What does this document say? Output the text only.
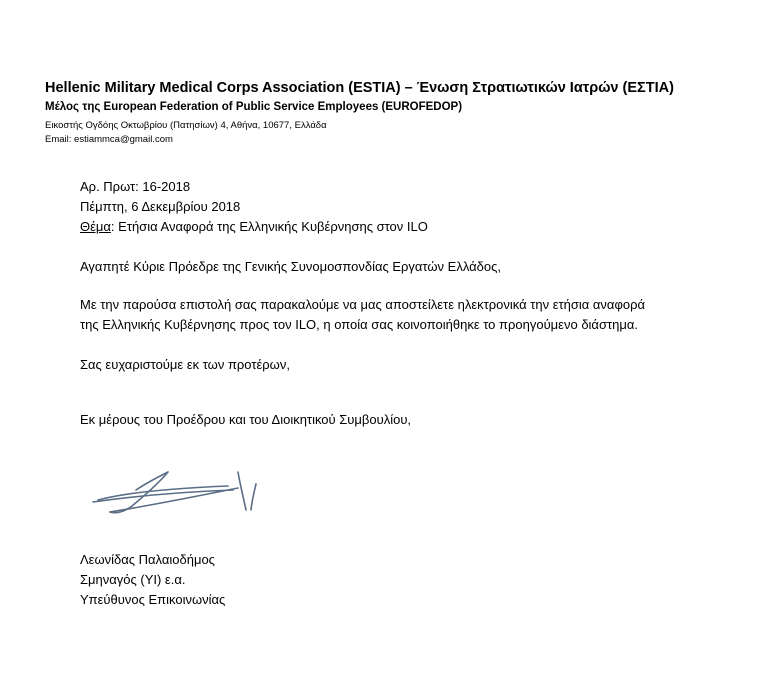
Hellenic Military Medical Corps Association (ESTIA) – Ένωση Στρατιωτικών Ιατρών (ΕΣΤΙΑ)
Μέλος της European Federation of Public Service Employees (EUROFEDOP)
Εικοστής Ογδόης Οκτωβρίου (Πατησίων) 4, Αθήνα, 10677, Ελλάδα
Email: estiammca@gmail.com
Αρ. Πρωτ: 16-2018
Πέμπτη, 6 Δεκεμβρίου 2018
Θέμα: Ετήσια Αναφορά της Ελληνικής Κυβέρνησης στον ILO
Αγαπητέ Κύριε Πρόεδρε της Γενικής Συνομοσπονδίας Εργατών Ελλάδος,
Με την παρούσα επιστολή σας παρακαλούμε να μας αποστείλετε ηλεκτρονικά την ετήσια αναφορά
της Ελληνικής Κυβέρνησης προς τον ILO, η οποία σας κοινοποιήθηκε το προηγούμενο διάστημα.
Σας ευχαριστούμε εκ των προτέρων,
Εκ μέρους του Προέδρου και του Διοικητικού Συμβουλίου,
Λεωνίδας Παλαιοδήμος
Σμηναγός (ΥΙ) ε.α.
Υπεύθυνος Επικοινωνίας
